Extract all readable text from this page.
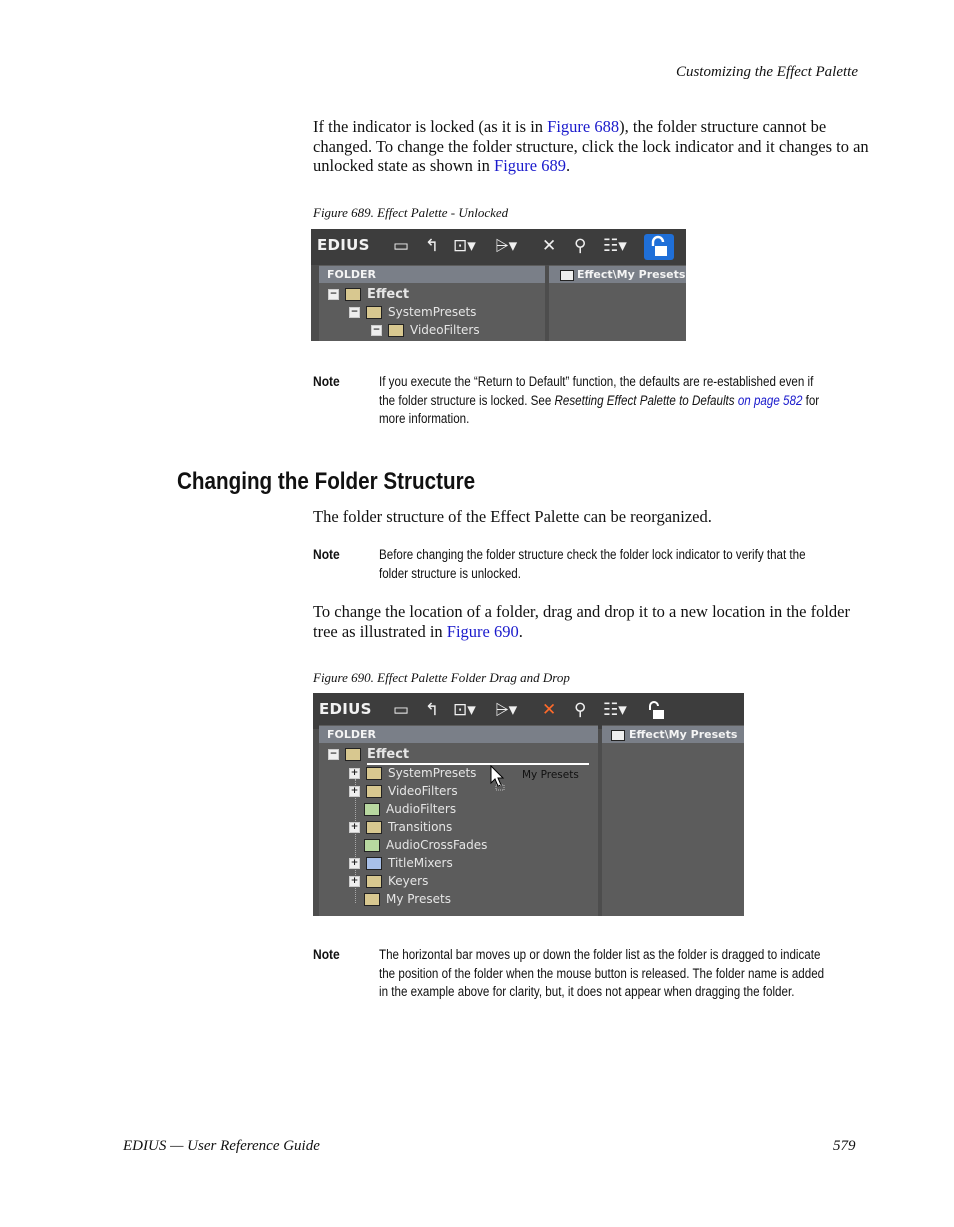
Customizing the Effect Palette
If the indicator is locked (as it is in Figure 688), the folder structure cannot be changed. To change the folder structure, click the lock indicator and it changes to an unlocked state as shown in Figure 689.
Figure 689. Effect Palette - Unlocked
EDIUS ▭ ↰ ⊡▾ ⩥▾ ✕ ⚲ ☷▾
FOLDER	Effect\My Presets
− Effect
− SystemPresets
− VideoFilters
Note	If you execute the “Return to Default” function, the defaults are re-established even if the folder structure is locked. See Resetting Effect Palette to Defaults on page 582 for more information.
Changing the Folder Structure
The folder structure of the Effect Palette can be reorganized.
Note	Before changing the folder structure check the folder lock indicator to verify that the folder structure is unlocked.
To change the location of a folder, drag and drop it to a new location in the folder tree as illustrated in Figure 690.
Figure 690. Effect Palette Folder Drag and Drop
EDIUS ▭ ↰ ⊡▾ ⩥▾ ✕ ⚲ ☷▾
FOLDER	Effect\My Presets
− Effect
+ SystemPresets
+ VideoFilters
AudioFilters
+ Transitions
AudioCrossFades
+ TitleMixers
+ Keyers
My Presets
My Presets
Note	The horizontal bar moves up or down the folder list as the folder is dragged to indicate the position of the folder when the mouse button is released. The folder name is added in the example above for clarity, but, it does not appear when dragging the folder.
EDIUS — User Reference Guide	579
